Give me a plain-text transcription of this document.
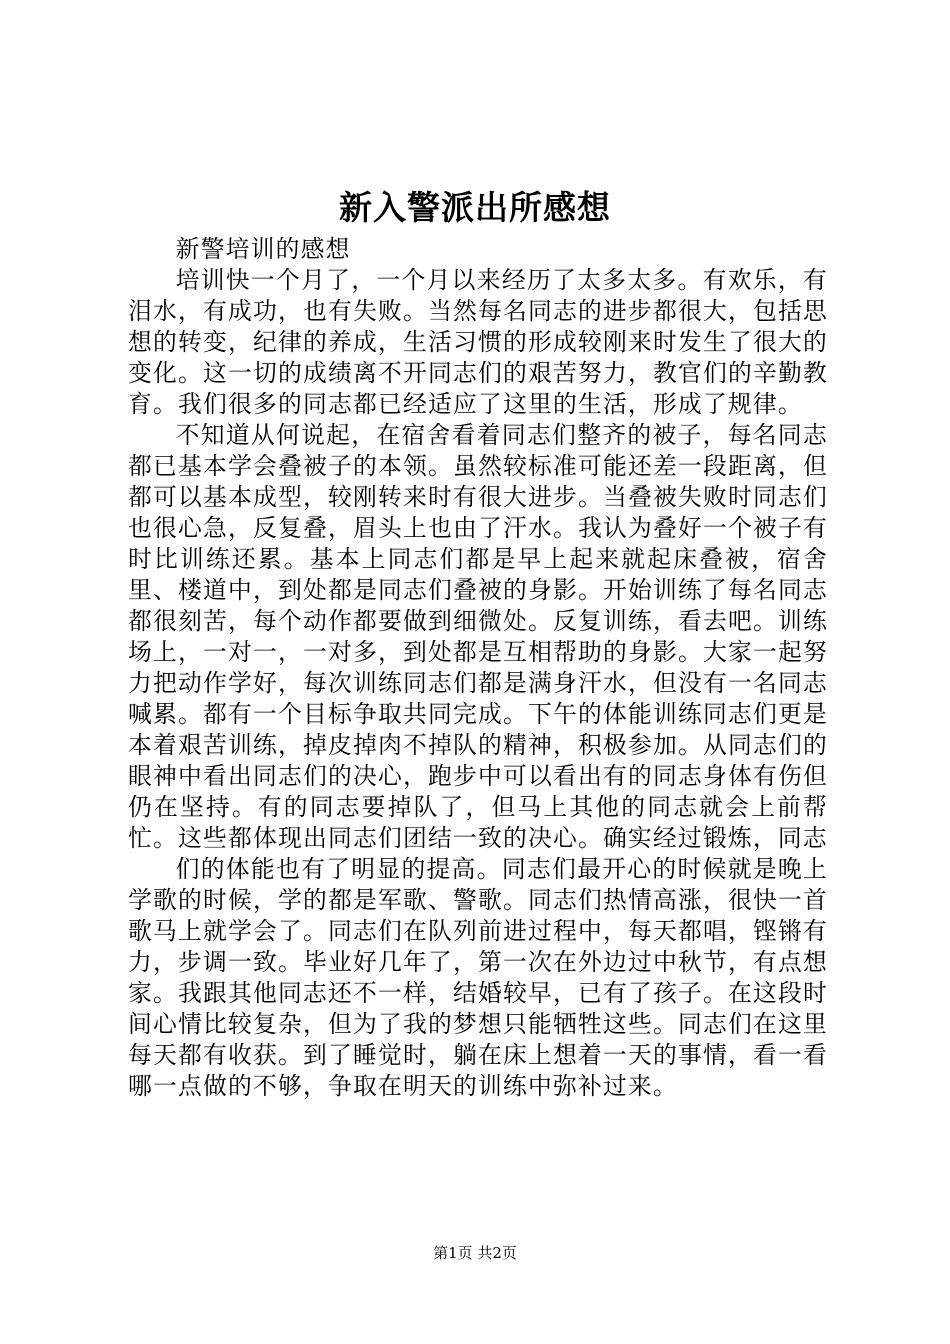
新入警派出所感想

新警培训的感想

培训快一个月了，一个月以来经历了太多太多。有欢乐，有泪水，有成功，也有失败。当然每名同志的进步都很大，包括思想的转变，纪律的养成，生活习惯的形成较刚来时发生了很大的变化。这一切的成绩离不开同志们的艰苦努力，教官们的辛勤教育。我们很多的同志都已经适应了这里的生活，形成了规律。

不知道从何说起，在宿舍看着同志们整齐的被子，每名同志都已基本学会叠被子的本领。虽然较标准可能还差一段距离，但都可以基本成型，较刚转来时有很大进步。当叠被失败时同志们也很心急，反复叠，眉头上也由了汗水。我认为叠好一个被子有时比训练还累。基本上同志们都是早上起来就起床叠被，宿舍里、楼道中，到处都是同志们叠被的身影。开始训练了每名同志都很刻苦，每个动作都要做到细微处。反复训练，看去吧。训练场上，一对一，一对多，到处都是互相帮助的身影。大家一起努力把动作学好，每次训练同志们都是满身汗水，但没有一名同志喊累。都有一个目标争取共同完成。下午的体能训练同志们更是本着艰苦训练，掉皮掉肉不掉队的精神，积极参加。从同志们的眼神中看出同志们的决心，跑步中可以看出有的同志身体有伤但仍在坚持。有的同志要掉队了，但马上其他的同志就会上前帮忙。这些都体现出同志们团结一致的决心。确实经过锻炼，同志

们的体能也有了明显的提高。同志们最开心的时候就是晚上学歌的时候，学的都是军歌、警歌。同志们热情高涨，很快一首歌马上就学会了。同志们在队列前进过程中，每天都唱，铿锵有力，步调一致。毕业好几年了，第一次在外边过中秋节，有点想家。我跟其他同志还不一样，结婚较早，已有了孩子。在这段时间心情比较复杂，但为了我的梦想只能牺牲这些。同志们在这里每天都有收获。到了睡觉时，躺在床上想着一天的事情，看一看哪一点做的不够，争取在明天的训练中弥补过来。

第1页 共2页
